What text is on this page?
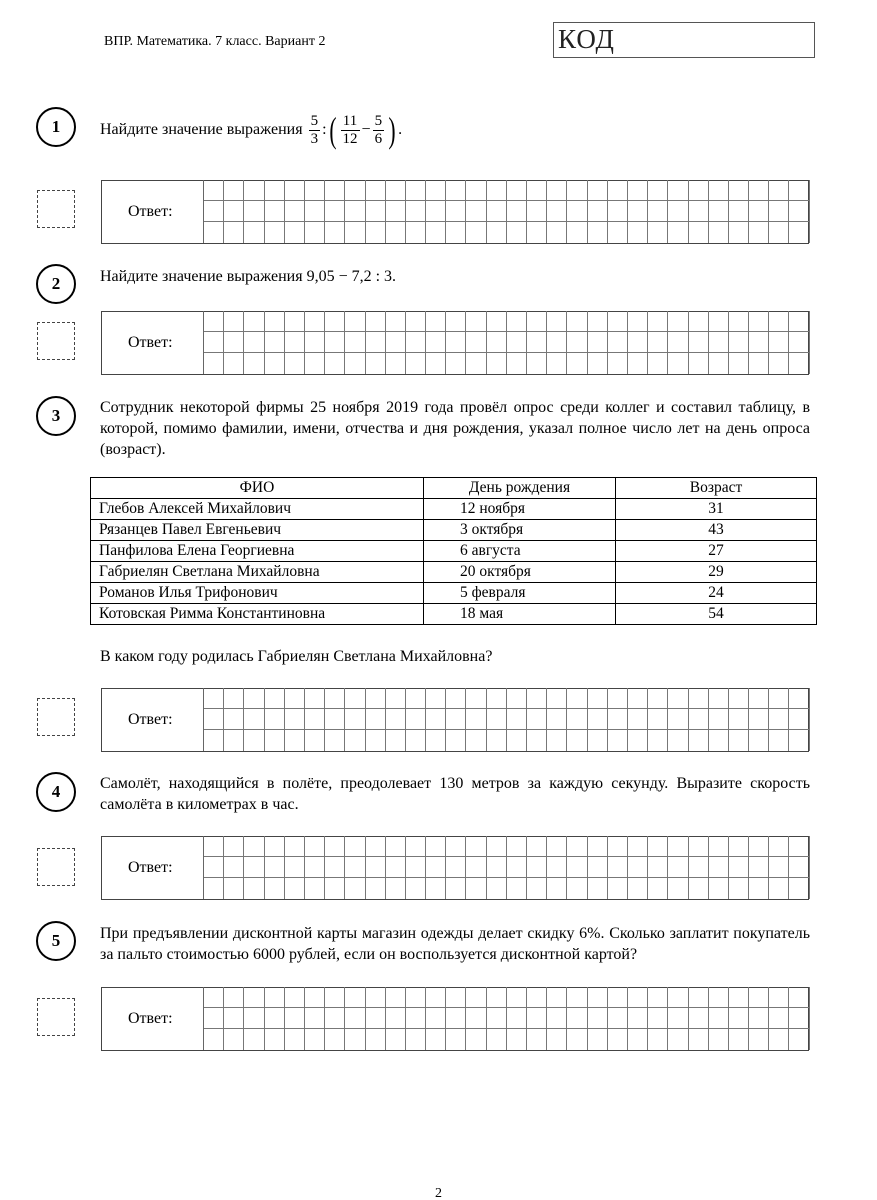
ВПР. Математика. 7 класс. Вариант 2	КОД
1	Найдите значение выражения $\frac{5}{3}$ :( $\frac{11}{12} - \frac{5}{6}$ ) .
Ответ:
2	Найдите значение выражения 9,05 − 7,2 : 3.
Ответ:
3	Сотрудник некоторой фирмы 25 ноября 2019 года провёл опрос среди коллег и составил таблицу, в которой, помимо фамилии, имени, отчества и дня рождения, указал полное число лет на день опроса (возраст).
ФИО	День рождения	Возраст
Глебов Алексей Михайлович	12 ноября	31
Рязанцев Павел Евгеньевич	3 октября	43
Панфилова Елена Георгиевна	6 августа	27
Габриелян Светлана Михайловна	20 октября	29
Романов Илья Трифонович	5 февраля	24
Котовская Римма Константиновна	18 мая	54
В каком году родилась Габриелян Светлана Михайловна?
Ответ:
4	Самолёт, находящийся в полёте, преодолевает 130 метров за каждую секунду. Выразите скорость самолёта в километрах в час.
Ответ:
5	При предъявлении дисконтной карты магазин одежды делает скидку 6%. Сколько заплатит покупатель за пальто стоимостью 6000 рублей, если он воспользуется дисконтной картой?
Ответ:
2
